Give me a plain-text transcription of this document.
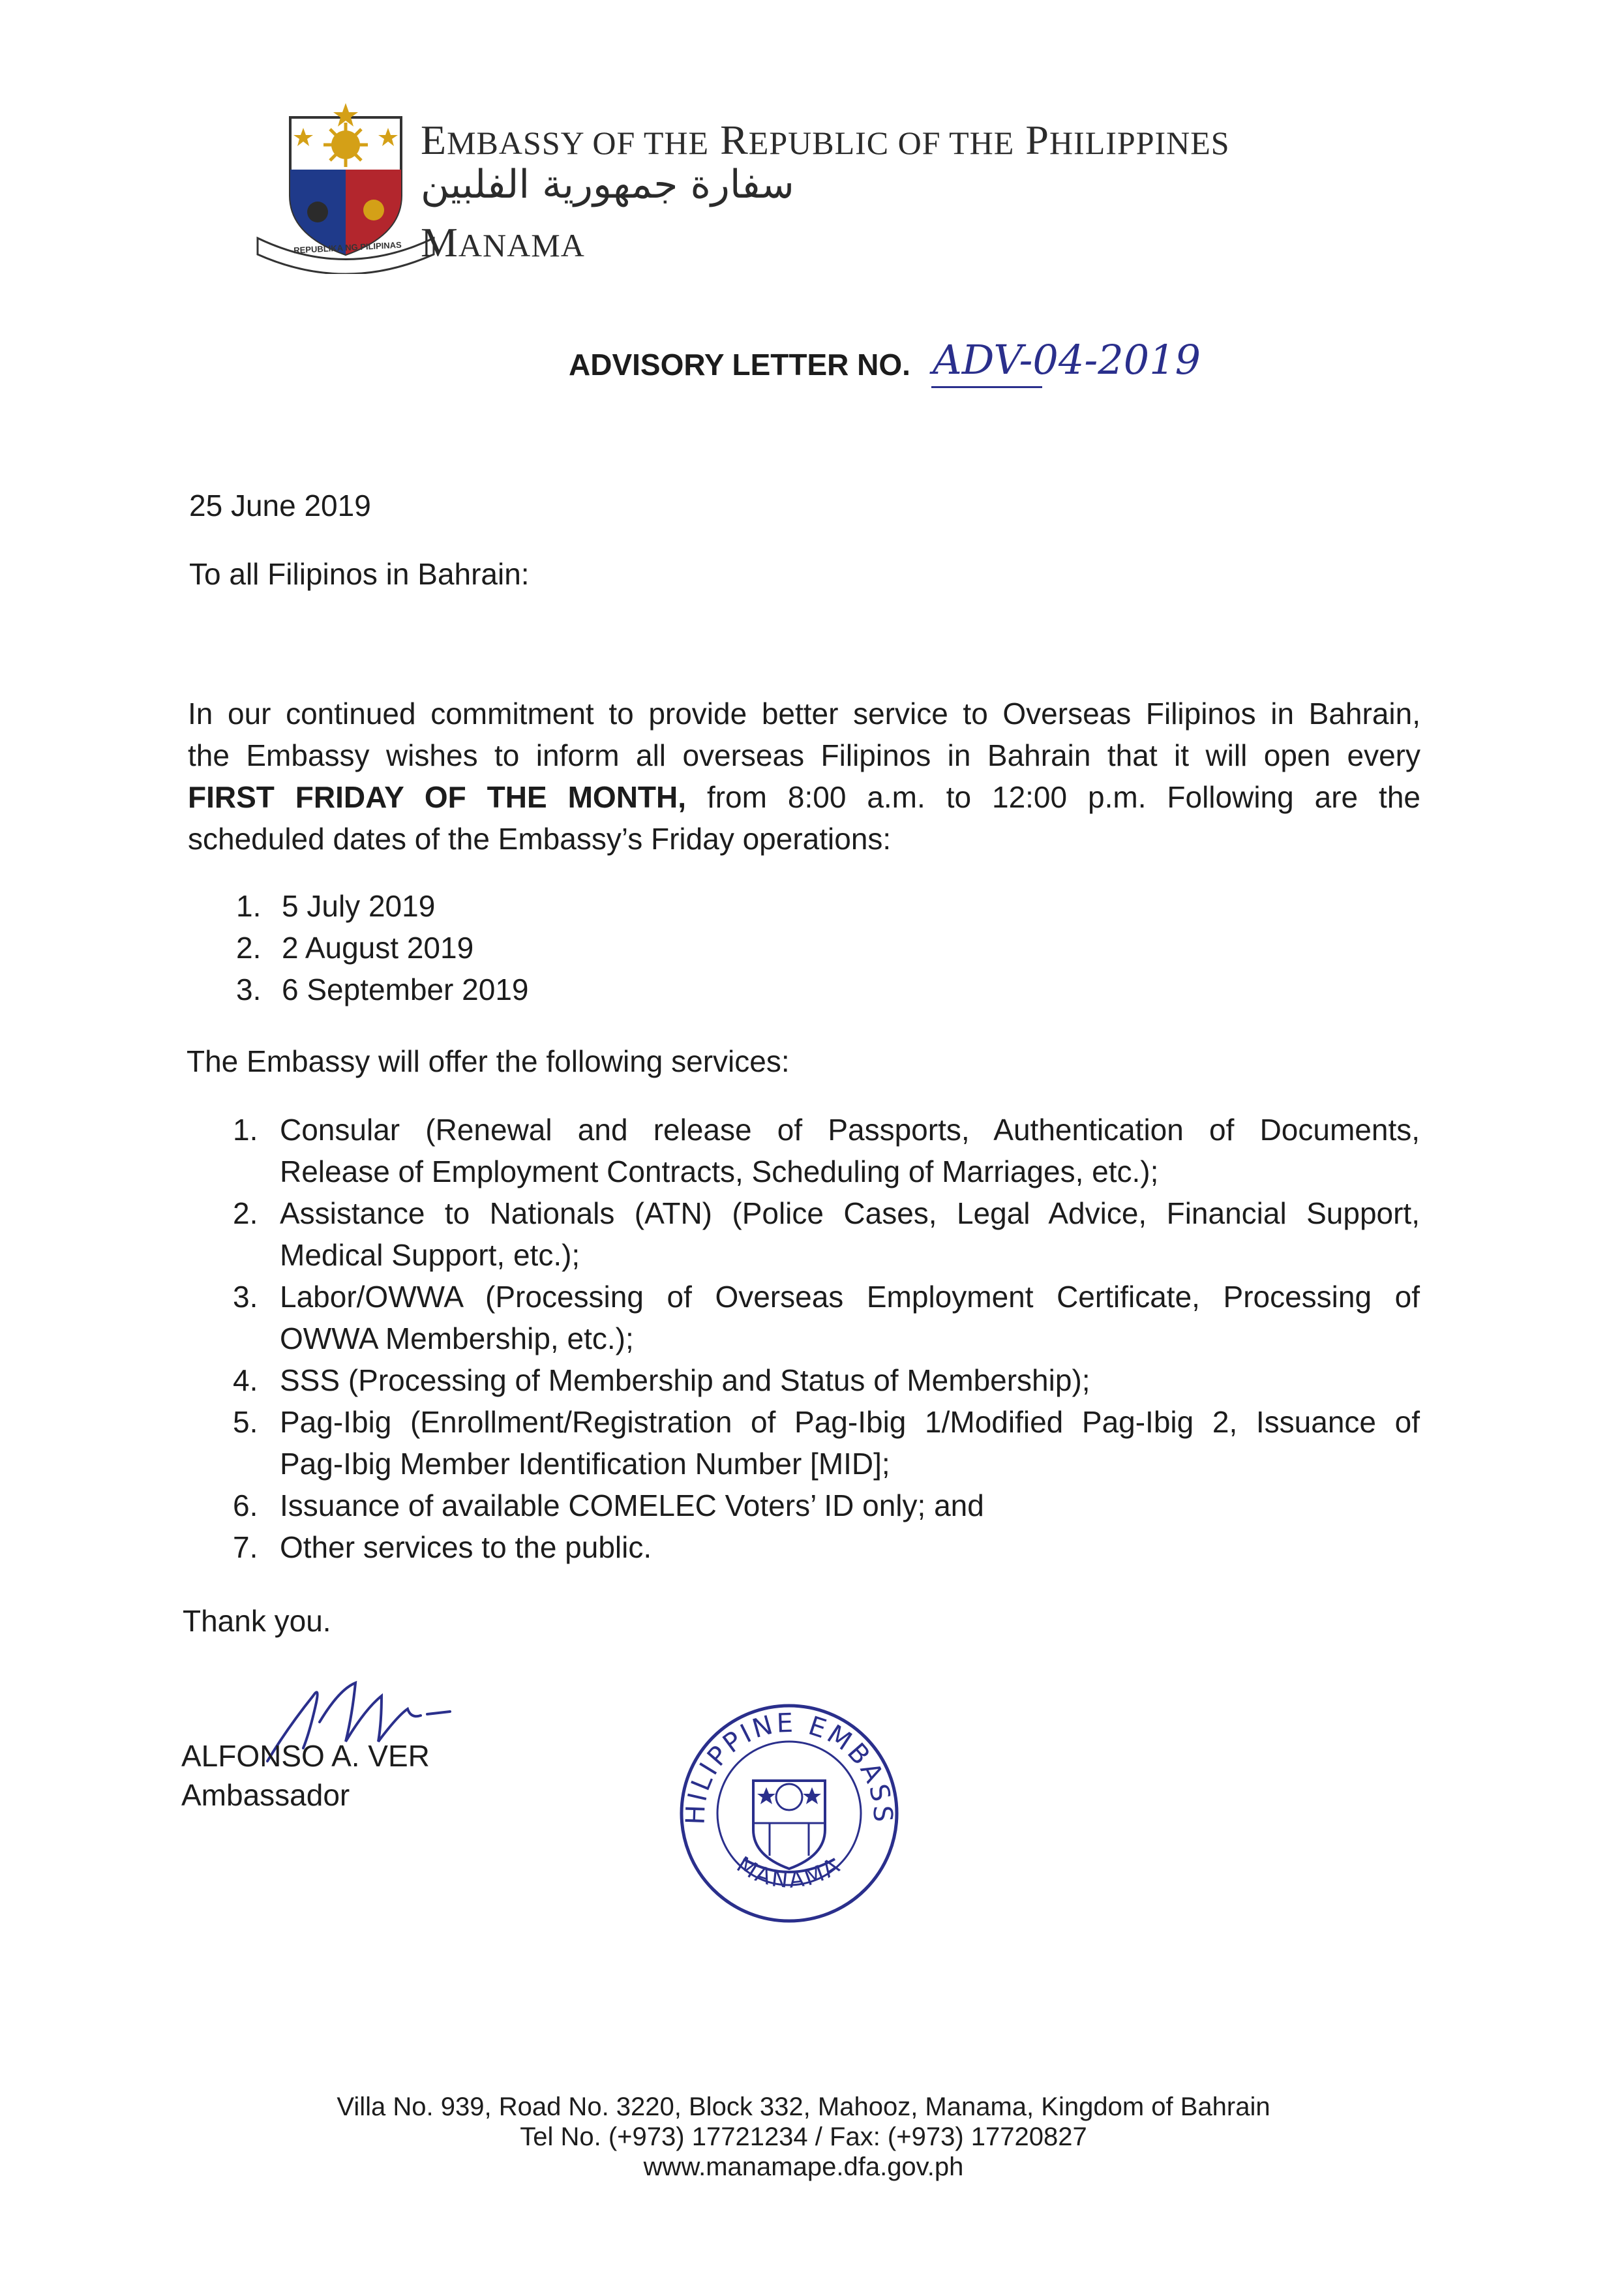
REPUBLIKA NG PILIPINAS
EMBASSY OF THE REPUBLIC OF THE PHILIPPINES
سفارة جمهورية الفلبين
MANAMA
ADVISORY LETTER NO. ADV-04-2019
25 June 2019
To all Filipinos in Bahrain:

In our continued commitment to provide better service to Overseas Filipinos in Bahrain,

the Embassy wishes to inform all overseas Filipinos in Bahrain that it will open every

FIRST FRIDAY OF THE MONTH, from 8:00 a.m. to 12:00 p.m. Following are the

scheduled dates of the Embassy’s Friday operations:

1. 5 July 2019
2. 2 August 2019
3. 6 September 2019
The Embassy will offer the following services:
1. Consular (Renewal and release of Passports, Authentication of Documents,
Release of Employment Contracts, Scheduling of Marriages, etc.);
2. Assistance to Nationals (ATN) (Police Cases, Legal Advice, Financial Support,
Medical Support, etc.);
3. Labor/OWWA (Processing of Overseas Employment Certificate, Processing of
OWWA Membership, etc.);
4. SSS (Processing of Membership and Status of Membership);
5. Pag-Ibig (Enrollment/Registration of Pag-Ibig 1/Modified Pag-Ibig 2, Issuance of
Pag-Ibig Member Identification Number [MID];
6. Issuance of available COMELEC Voters’ ID only; and
7. Other services to the public.
Thank you.
ALFONSO A. VER
Ambassador
HILIPPINE EMBASS
MANAMA
Villa No. 939, Road No. 3220, Block 332, Mahooz, Manama, Kingdom of Bahrain
Tel No. (+973) 17721234 / Fax: (+973) 17720827
www.manamape.dfa.gov.ph
